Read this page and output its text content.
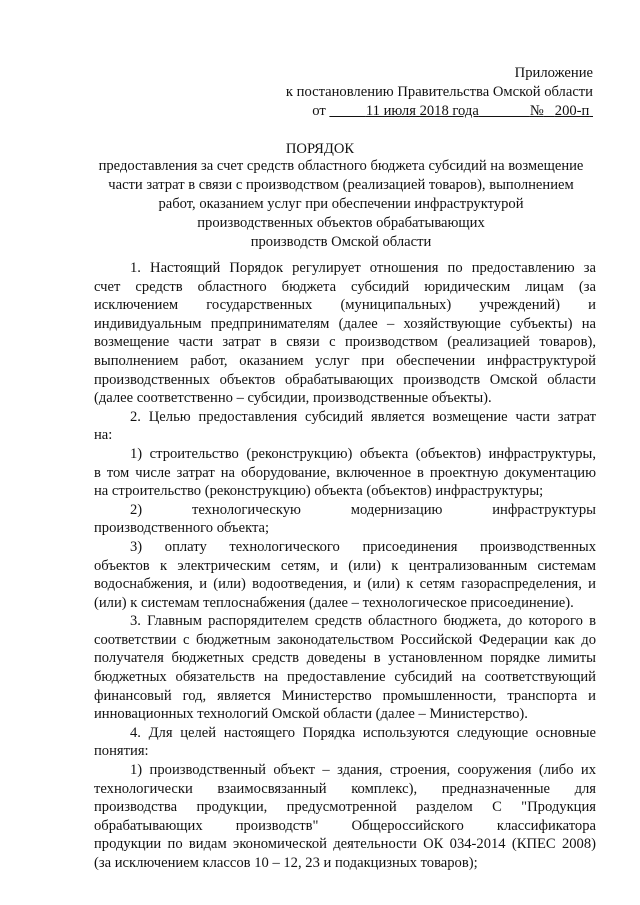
Приложение
к постановлению Правительства Омской области
от	11 июля 2018 года	№ 200-п
ПОРЯДОК
предоставления за счет средств областного бюджета субсидий на возмещение
части затрат в связи с производством (реализацией товаров), выполнением
работ, оказанием услуг при обеспечении инфраструктурой
производственных объектов обрабатывающих
производств Омской области
1. Настоящий Порядок регулирует отношения по предоставлению за
счет средств областного бюджета субсидий юридическим лицам (за
исключением государственных (муниципальных) учреждений) и
индивидуальным предпринимателям (далее – хозяйствующие субъекты) на
возмещение части затрат в связи с производством (реализацией товаров),
выполнением работ, оказанием услуг при обеспечении инфраструктурой
производственных объектов обрабатывающих производств Омской области
(далее соответственно – субсидии, производственные объекты).
2. Целью предоставления субсидий является возмещение части затрат
на:
1) строительство (реконструкцию) объекта (объектов) инфраструктуры,
в том числе затрат на оборудование, включенное в проектную документацию
на строительство (реконструкцию) объекта (объектов) инфраструктуры;
2) технологическую модернизацию инфраструктуры
производственного объекта;
3) оплату технологического присоединения производственных
объектов к электрическим сетям, и (или) к централизованным системам
водоснабжения, и (или) водоотведения, и (или) к сетям газораспределения, и
(или) к системам теплоснабжения (далее – технологическое присоединение).
3. Главным распорядителем средств областного бюджета, до которого в
соответствии с бюджетным законодательством Российской Федерации как до
получателя бюджетных средств доведены в установленном порядке лимиты
бюджетных обязательств на предоставление субсидий на соответствующий
финансовый год, является Министерство промышленности, транспорта и
инновационных технологий Омской области (далее – Министерство).
4. Для целей настоящего Порядка используются следующие основные
понятия:
1) производственный объект – здания, строения, сооружения (либо их
технологически взаимосвязанный комплекс), предназначенные для
производства продукции, предусмотренной разделом С "Продукция
обрабатывающих производств" Общероссийского классификатора
продукции по видам экономической деятельности ОК 034-2014 (КПЕС 2008)
(за исключением классов 10 – 12, 23 и подакцизных товаров);
